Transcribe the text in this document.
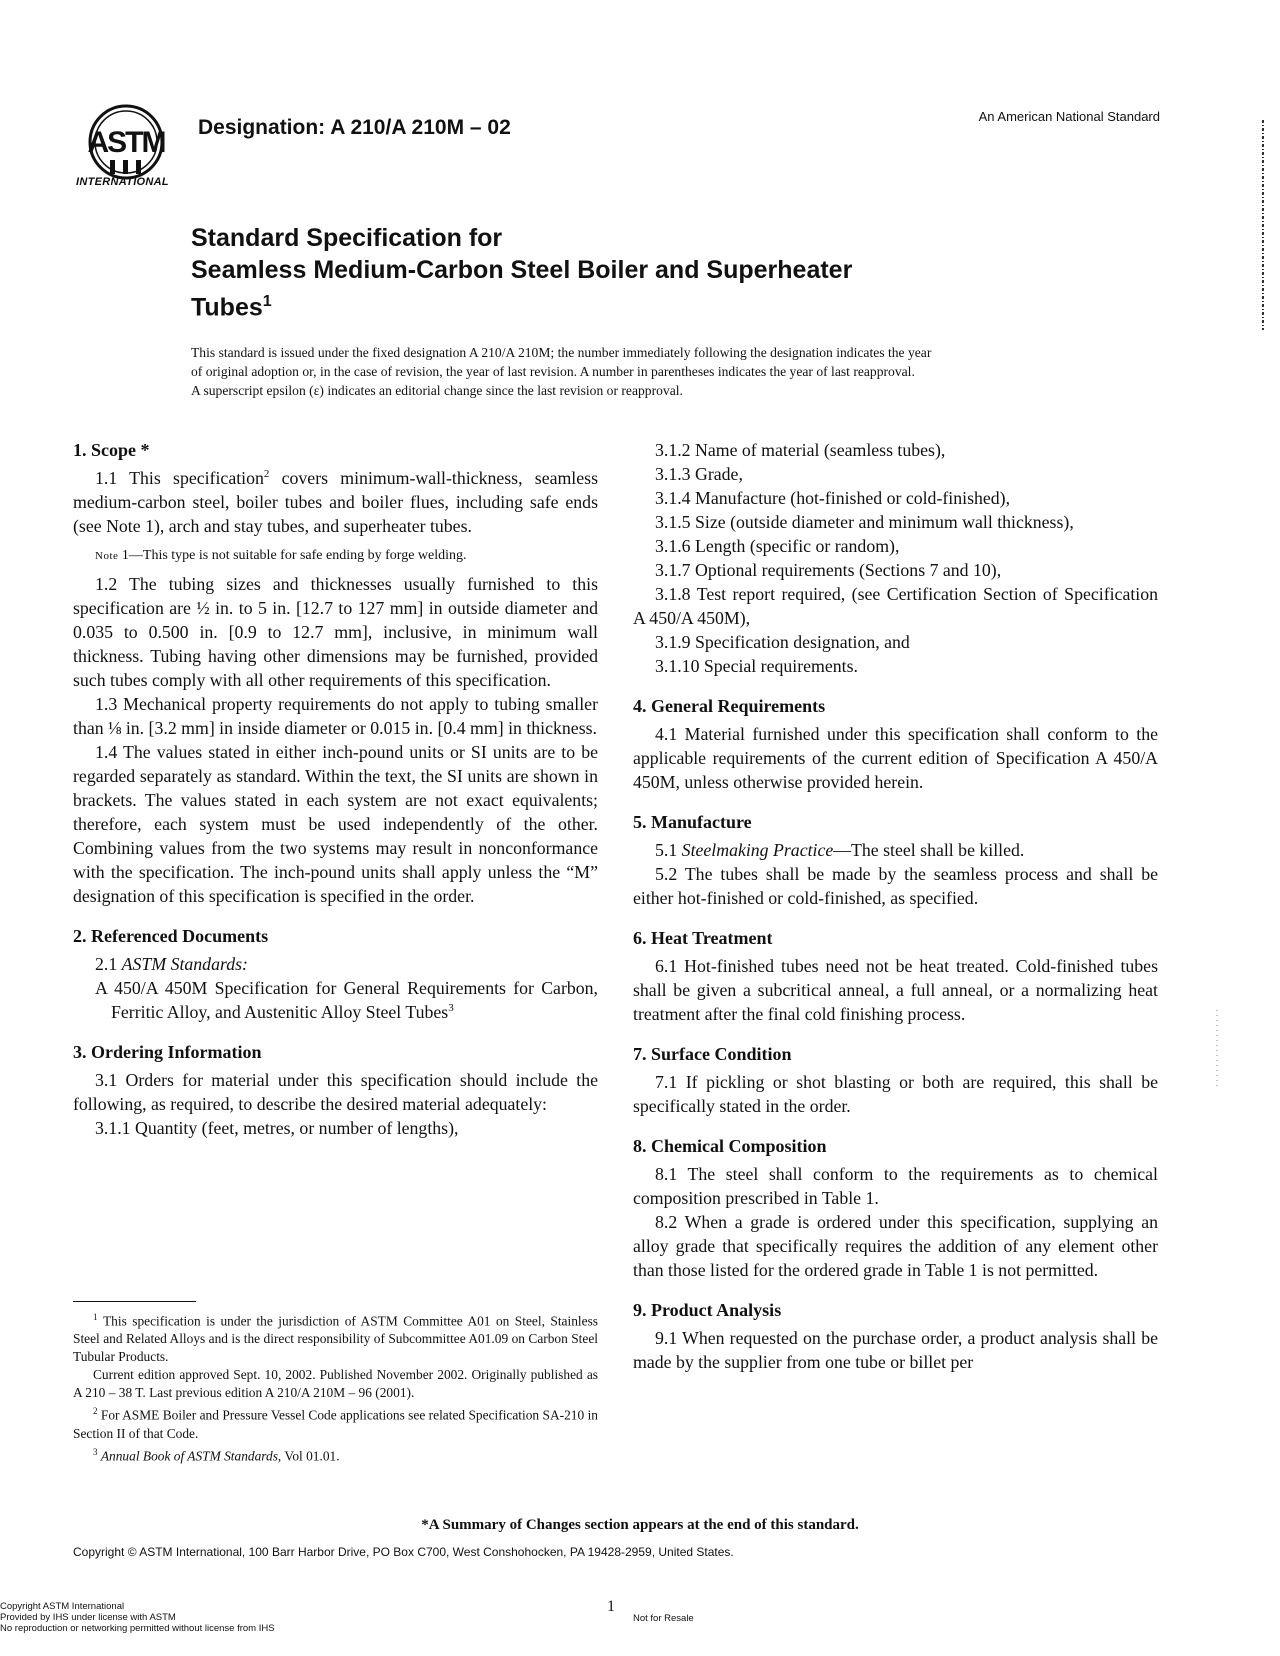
ASTM
INTERNATIONAL
Designation: A 210/A 210M – 02	An American National Standard
Standard Specification for
Seamless Medium-Carbon Steel Boiler and Superheater
Tubes$^1$
This standard is issued under the fixed designation A 210/A 210M; the number immediately following the designation indicates the year
of original adoption or, in the case of revision, the year of last revision. A number in parentheses indicates the year of last reapproval.
A superscript epsilon (ε) indicates an editorial change since the last revision or reapproval.
1. Scope *

1.1 This specification$^2$ covers minimum-wall-thickness, seamless medium-carbon steel, boiler tubes and boiler flues, including safe ends (see Note 1), arch and stay tubes, and superheater tubes.

Note 1—This type is not suitable for safe ending by forge welding.

1.2 The tubing sizes and thicknesses usually furnished to this specification are ½ in. to 5 in. [12.7 to 127 mm] in outside diameter and 0.035 to 0.500 in. [0.9 to 12.7 mm], inclusive, in minimum wall thickness. Tubing having other dimensions may be furnished, provided such tubes comply with all other requirements of this specification.

1.3 Mechanical property requirements do not apply to tubing smaller than ⅛ in. [3.2 mm] in inside diameter or 0.015 in. [0.4 mm] in thickness.

1.4 The values stated in either inch-pound units or SI units are to be regarded separately as standard. Within the text, the SI units are shown in brackets. The values stated in each system are not exact equivalents; therefore, each system must be used independently of the other. Combining values from the two systems may result in nonconformance with the specification. The inch-pound units shall apply unless the “M” designation of this specification is specified in the order.

2. Referenced Documents

2.1 ASTM Standards:

A 450/A 450M Specification for General Requirements for Carbon, Ferritic Alloy, and Austenitic Alloy Steel Tubes$^3$

3. Ordering Information

3.1 Orders for material under this specification should include the following, as required, to describe the desired material adequately:

3.1.1 Quantity (feet, metres, or number of lengths),

3.1.2 Name of material (seamless tubes),

3.1.3 Grade,

3.1.4 Manufacture (hot-finished or cold-finished),

3.1.5 Size (outside diameter and minimum wall thickness),

3.1.6 Length (specific or random),

3.1.7 Optional requirements (Sections 7 and 10),

3.1.8 Test report required, (see Certification Section of Specification A 450/A 450M),

3.1.9 Specification designation, and

3.1.10 Special requirements.

4. General Requirements

4.1 Material furnished under this specification shall conform to the applicable requirements of the current edition of Specification A 450/A 450M, unless otherwise provided herein.

5. Manufacture

5.1 Steelmaking Practice—The steel shall be killed.

5.2 The tubes shall be made by the seamless process and shall be either hot-finished or cold-finished, as specified.

6. Heat Treatment

6.1 Hot-finished tubes need not be heat treated. Cold-finished tubes shall be given a subcritical anneal, a full anneal, or a normalizing heat treatment after the final cold finishing process.

7. Surface Condition

7.1 If pickling or shot blasting or both are required, this shall be specifically stated in the order.

8. Chemical Composition

8.1 The steel shall conform to the requirements as to chemical composition prescribed in Table 1.

8.2 When a grade is ordered under this specification, supplying an alloy grade that specifically requires the addition of any element other than those listed for the ordered grade in Table 1 is not permitted.

9. Product Analysis

9.1 When requested on the purchase order, a product analysis shall be made by the supplier from one tube or billet per

$^1$ This specification is under the jurisdiction of ASTM Committee A01 on Steel, Stainless Steel and Related Alloys and is the direct responsibility of Subcommittee A01.09 on Carbon Steel Tubular Products.

Current edition approved Sept. 10, 2002. Published November 2002. Originally published as A 210 – 38 T. Last previous edition A 210/A 210M – 96 (2001).

$^2$ For ASME Boiler and Pressure Vessel Code applications see related Specification SA-210 in Section II of that Code.

$^3$ Annual Book of ASTM Standards, Vol 01.01.

*A Summary of Changes section appears at the end of this standard.
Copyright © ASTM International, 100 Barr Harbor Drive, PO Box C700, West Conshohocken, PA 19428-2959, United States.
Copyright ASTM International
Provided by IHS under license with ASTM
No reproduction or networking permitted without license from IHS
1
Not for Resale
